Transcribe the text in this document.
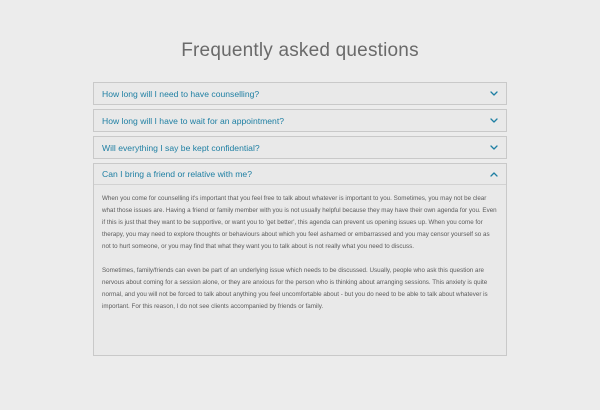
Frequently asked questions
How long will I need to have counselling?
How long will I have to wait for an appointment?
Will everything I say be kept confidential?
Can I bring a friend or relative with me?

When you come for counselling it's important that you feel free to talk about whatever is important to you. Sometimes, you may not be clear what those issues are. Having a friend or family member with you is not usually helpful because they may have their own agenda for you. Even if this is just that they want to be supportive, or want you to 'get better', this agenda can prevent us opening issues up. When you come for therapy, you may need to explore thoughts or behaviours about which you feel ashamed or embarrassed and you may censor yourself so as not to hurt someone, or you may find that what they want you to talk about is not really what you need to discuss.

Sometimes, family/friends can even be part of an underlying issue which needs to be discussed. Usually, people who ask this question are nervous about coming for a session alone, or they are anxious for the person who is thinking about arranging sessions. This anxiety is quite normal, and you will not be forced to talk about anything you feel uncomfortable about - but you do need to be able to talk about whatever is important. For this reason, I do not see clients accompanied by friends or family.
